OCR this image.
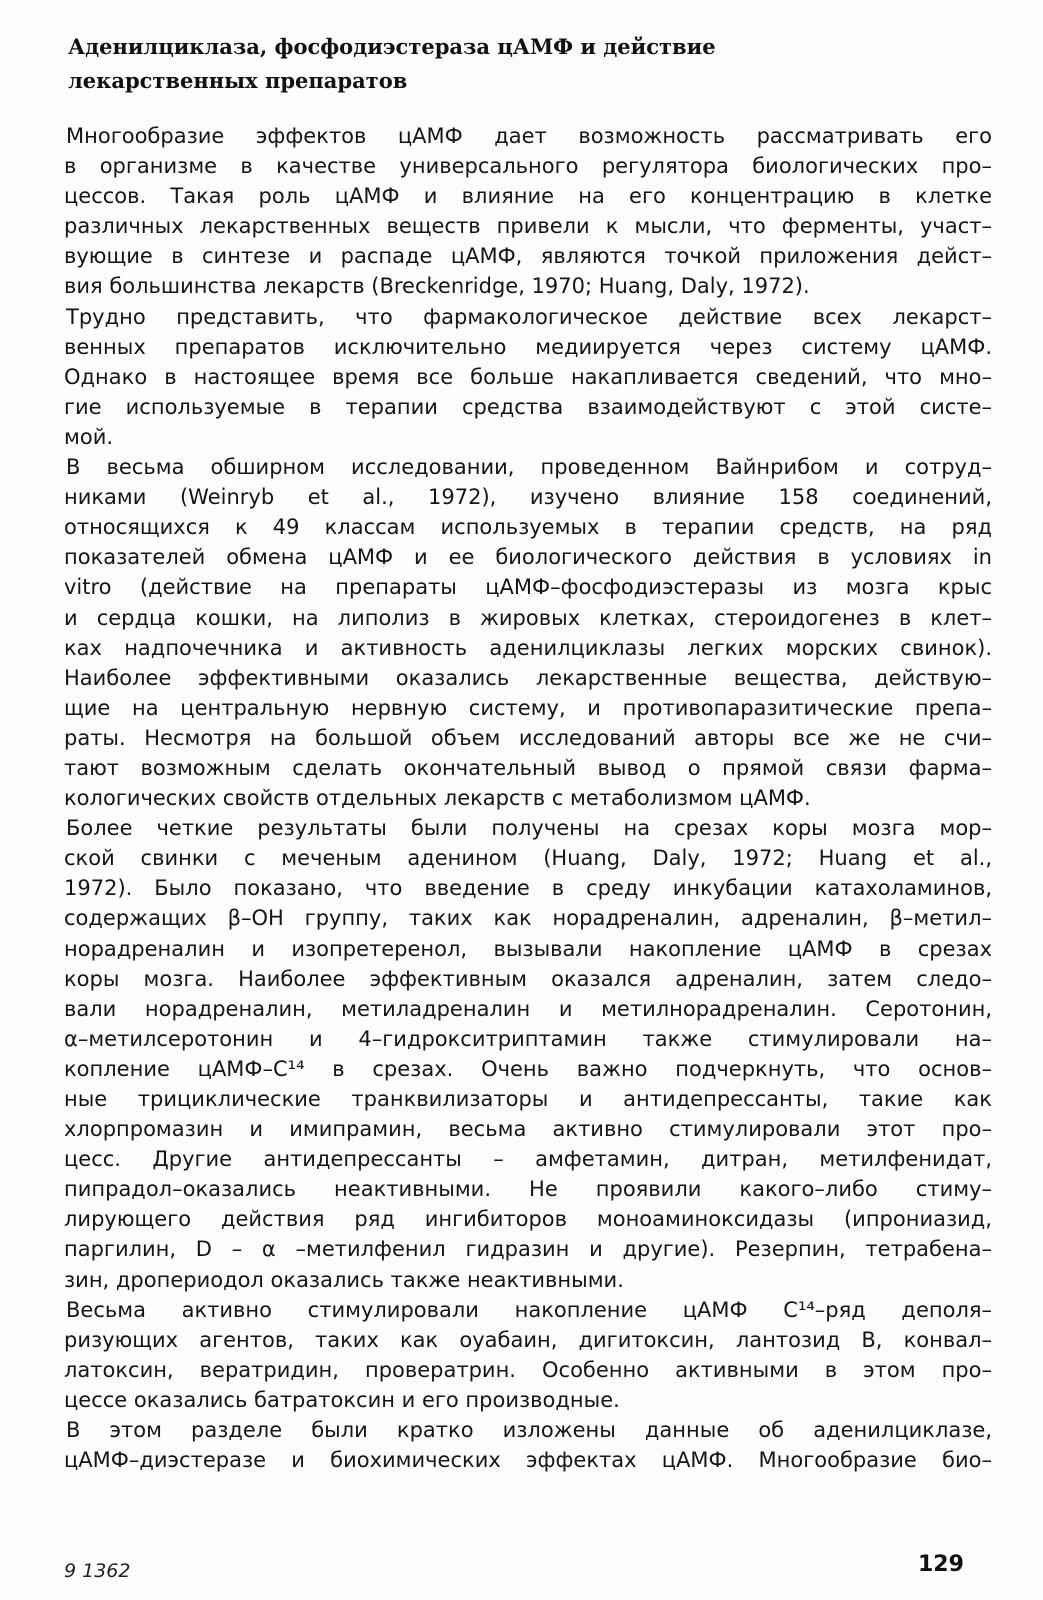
Аденилциклаза, фосфодиэстераза цАМФ и действие
лекарственных препаратов

Многообразие эффектов цАМФ дает возможность рассматривать его
в организме в качестве универсального регулятора биологических про–
цессов. Такая роль цАМФ и влияние на его концентрацию в клетке
различных лекарственных веществ привели к мысли, что ферменты, участ–
вующие в синтезе и распаде цАМФ, являются точкой приложения дейст–
вия большинства лекарств (Breckenridge, 1970; Huang, Daly, 1972).

Трудно представить, что фармакологическое действие всех лекарст–
венных препаратов исключительно медиируется через систему цАМФ.
Однако в настоящее время все больше накапливается сведений, что мно–
гие используемые в терапии средства взаимодействуют с этой систе–
мой.

В весьма обширном исследовании, проведенном Вайнрибом и сотруд–
никами (Weinryb et al., 1972), изучено влияние 158 соединений,
относящихся к 49 классам используемых в терапии средств, на ряд
показателей обмена цАМФ и ее биологического действия в условиях in
vitro (действие на препараты цАМФ–фосфодиэстеразы из мозга крыс
и сердца кошки, на липолиз в жировых клетках, стероидогенез в клет–
ках надпочечника и активность аденилциклазы легких морских свинок).
Наиболее эффективными оказались лекарственные вещества, действую–
щие на центральную нервную систему, и противопаразитические препа–
раты. Несмотря на большой объем исследований авторы все же не счи–
тают возможным сделать окончательный вывод о прямой связи фарма–
кологических свойств отдельных лекарств с метаболизмом цАМФ.

Более четкие результаты были получены на срезах коры мозга мор–
ской свинки с меченым аденином (Huang, Daly, 1972; Huang et al.,
1972). Было показано, что введение в среду инкубации катахоламинов,
содержащих β–ОН группу, таких как норадреналин, адреналин, β–метил–
норадреналин и изопретеренол, вызывали накопление цАМФ в срезах
коры мозга. Наиболее эффективным оказался адреналин, затем следо–
вали норадреналин, метиладреналин и метилнорадреналин. Серотонин,
α–метилсеротонин и 4–гидрокситриптамин также стимулировали на–
копление цАМФ–С¹⁴ в срезах. Очень важно подчеркнуть, что основ–
ные трициклические транквилизаторы и антидепрессанты, такие как
хлорпромазин и имипрамин, весьма активно стимулировали этот про–
цесс. Другие антидепрессанты – амфетамин, дитран, метилфенидат,
пипрадол–оказались неактивными. Не проявили какого–либо стиму–
лирующего действия ряд ингибиторов моноаминоксидазы (ипрониазид,
паргилин, D – α –метилфенил гидразин и другие). Резерпин, тетрабена–
зин, дропериодол оказались также неактивными.

Весьма активно стимулировали накопление цАМФ С¹⁴–ряд деполя–
ризующих агентов, таких как оуабаин, дигитоксин, лантозид В, конвал–
латоксин, вератридин, провератрин. Особенно активными в этом про–
цессе оказались батратоксин и его производные.

В этом разделе были кратко изложены данные об аденилциклазе,
цАМФ–диэстеразе и биохимических эффектах цАМФ. Многообразие био–

9 1362	129
